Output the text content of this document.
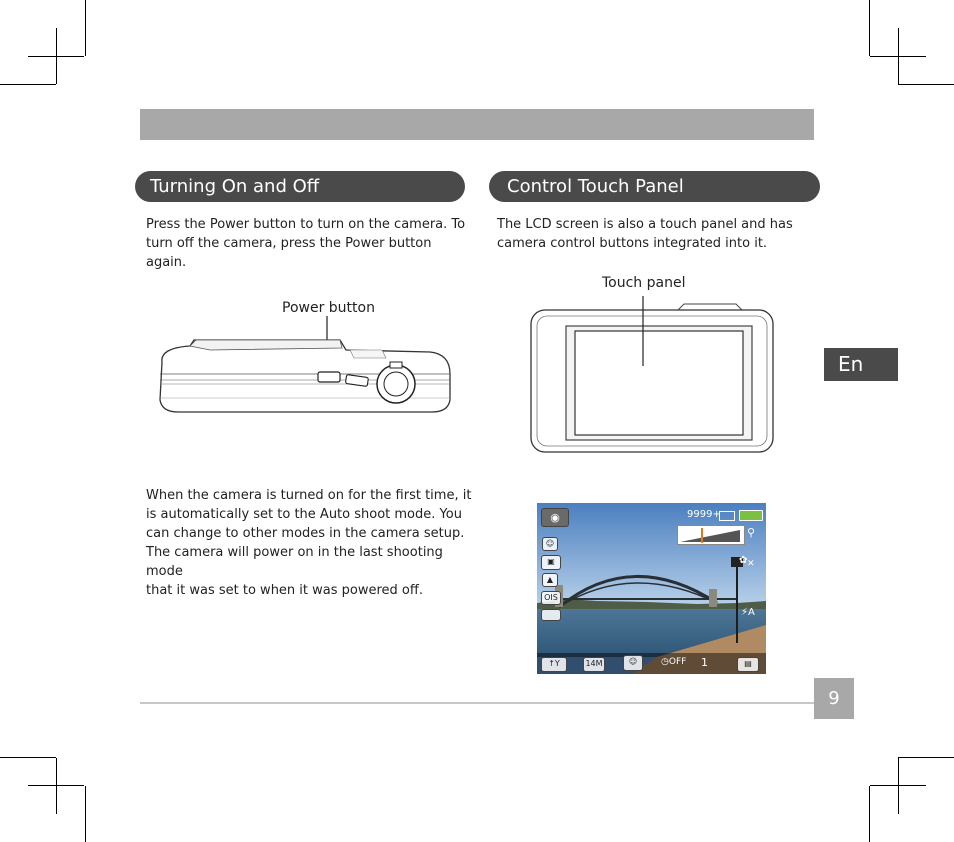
Turning On and Off
Press the Power button to turn on the camera. To
turn off the camera, press the Power button again.
Power button
When the camera is turned on for the first time, it
is automatically set to the Auto shoot mode. You
can change to other modes in the camera setup.
The camera will power on in the last shooting mode
that it was set to when it was powered off.
Control Touch Panel
The LCD screen is also a touch panel and has
camera control buttons integrated into it.
Touch panel
◉	9999+
⚲
☺
▣
▲
OIS
⚡A
✿ ✕
↑Y	14M	☺	◷OFF 1	▤
En
9
